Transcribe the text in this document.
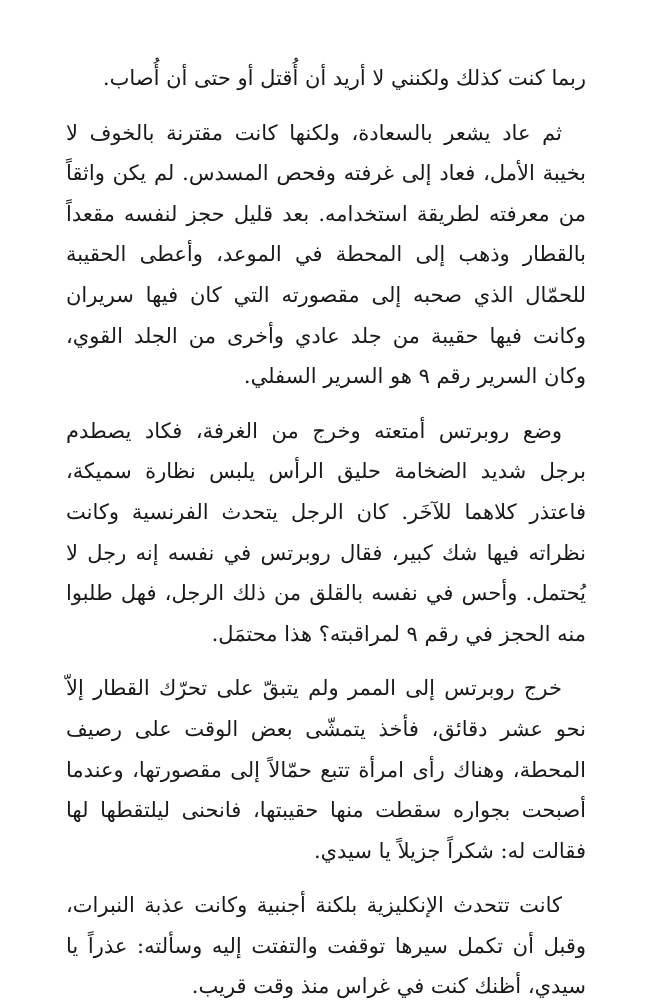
ربما كنت كذلك ولكنني لا أريد أن أُقتل أو حتى أن أُصاب.

ثم عاد يشعر بالسعادة، ولكنها كانت مقترنة بالخوف لا بخيبة الأمل، فعاد إلى غرفته وفحص المسدس. لم يكن واثقاً من معرفته لطريقة استخدامه. بعد قليل حجز لنفسه مقعداً بالقطار وذهب إلى المحطة في الموعد، وأعطى الحقيبة للحمّال الذي صحبه إلى مقصورته التي كان فيها سريران وكانت فيها حقيبة من جلد عادي وأخرى من الجلد القوي، وكان السرير رقم ٩ هو السرير السفلي.

وضع روبرتس أمتعته وخرج من الغرفة، فكاد يصطدم برجل شديد الضخامة حليق الرأس يلبس نظارة سميكة، فاعتذر كلاهما للآخَر. كان الرجل يتحدث الفرنسية وكانت نظراته فيها شك كبير، فقال روبرتس في نفسه إنه رجل لا يُحتمل. وأحس في نفسه بالقلق من ذلك الرجل، فهل طلبوا منه الحجز في رقم ٩ لمراقبته؟ هذا محتمَل.

خرج روبرتس إلى الممر ولم يتبقّ على تحرّك القطار إلاّ نحو عشر دقائق، فأخذ يتمشّى بعض الوقت على رصيف المحطة، وهناك رأى امرأة تتبع حمّالاً إلى مقصورتها، وعندما أصبحت بجواره سقطت منها حقيبتها، فانحنى ليلتقطها لها فقالت له: شكراً جزيلاً يا سيدي.

كانت تتحدث الإنكليزية بلكنة أجنبية وكانت عذبة النبرات، وقبل أن تكمل سيرها توقفت والتفتت إليه وسألته: عذراً يا سيدي، أظنك كنت في غراس منذ وقت قريب.
